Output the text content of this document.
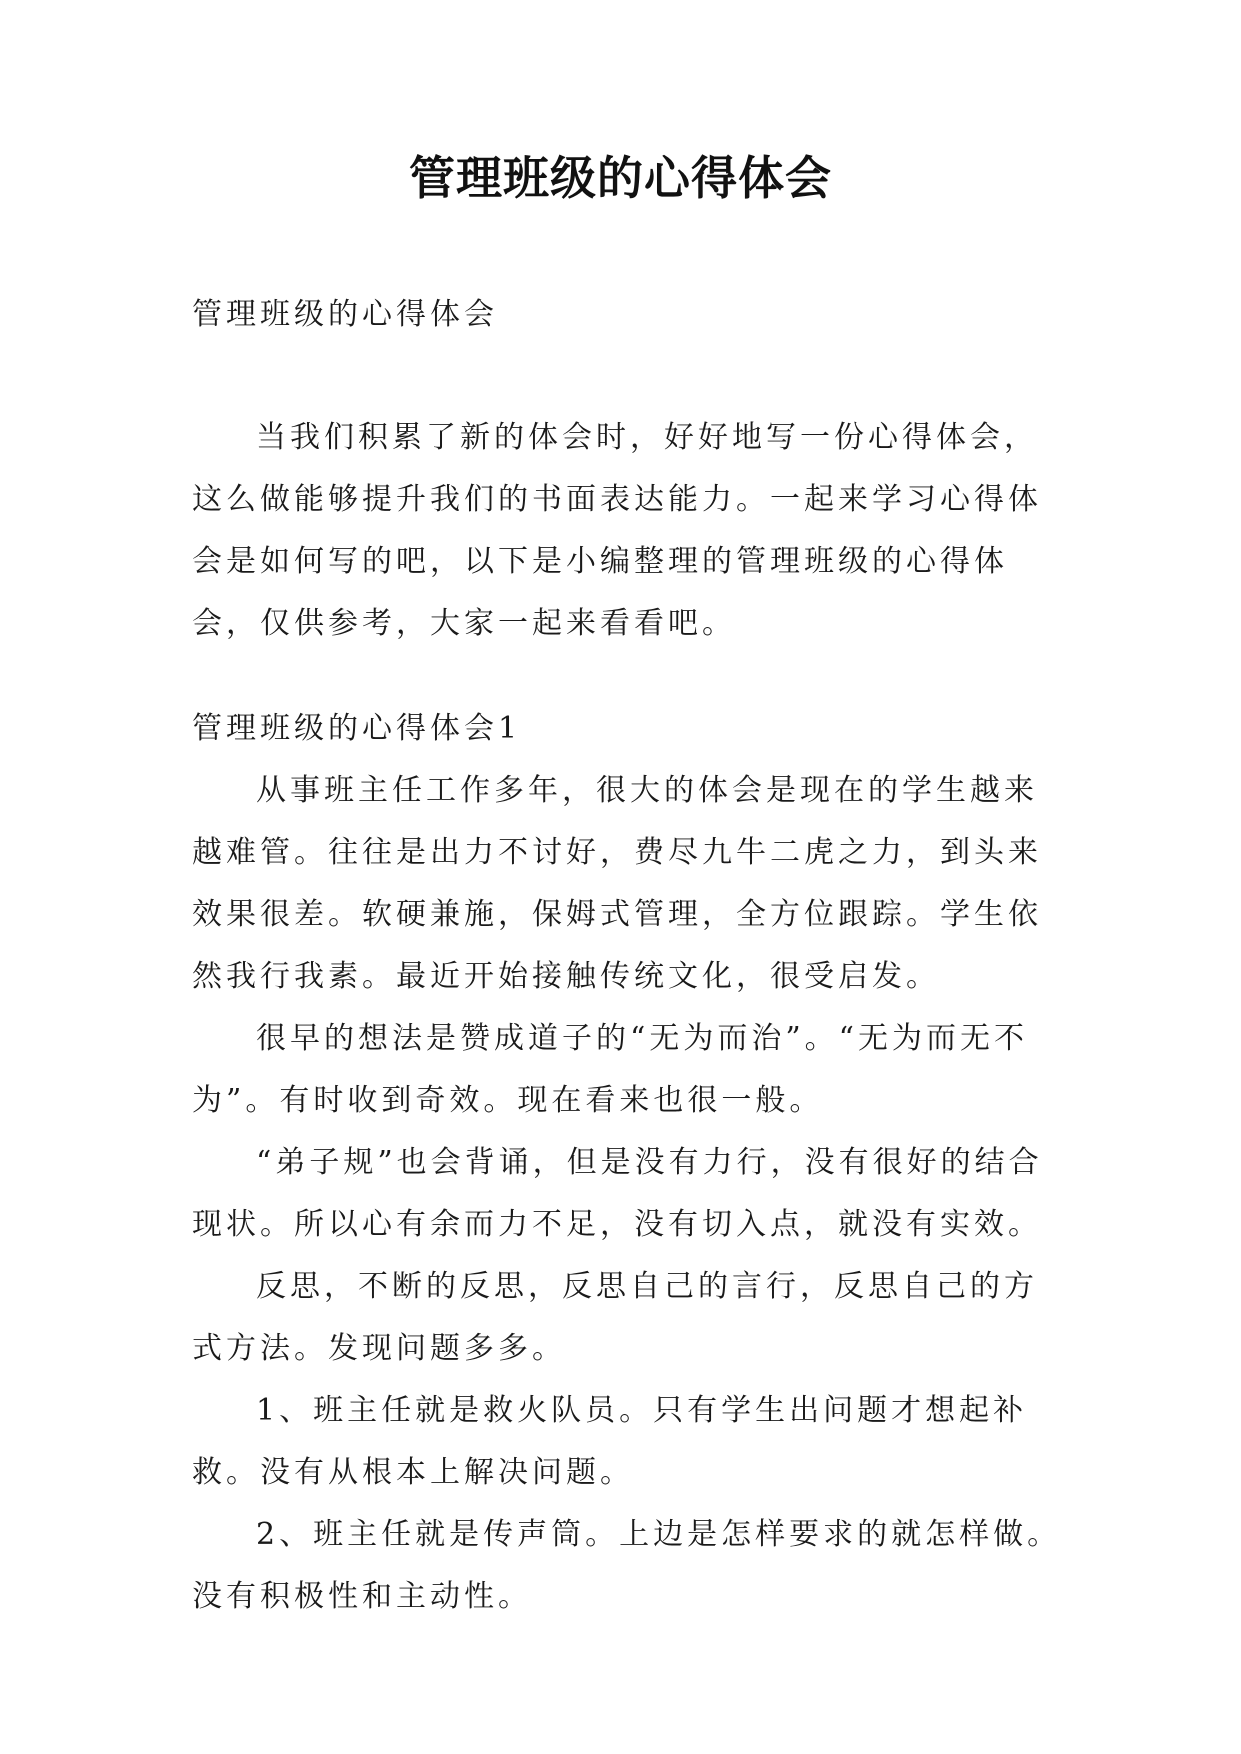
管理班级的心得体会
管理班级的心得体会
当我们积累了新的体会时，好好地写一份心得体会，这么做能够提升我们的书面表达能力。一起来学习心得体会是如何写的吧，以下是小编整理的管理班级的心得体会，仅供参考，大家一起来看看吧。

管理班级的心得体会1

从事班主任工作多年，很大的体会是现在的学生越来越难管。往往是出力不讨好，费尽九牛二虎之力，到头来效果很差。软硬兼施，保姆式管理，全方位跟踪。学生依然我行我素。最近开始接触传统文化，很受启发。

很早的想法是赞成道子的“无为而治”。“无为而无不为”。有时收到奇效。现在看来也很一般。

“弟子规”也会背诵，但是没有力行，没有很好的结合现状。所以心有余而力不足，没有切入点，就没有实效。

反思，不断的反思，反思自己的言行，反思自己的方式方法。发现问题多多。

1、班主任就是救火队员。只有学生出问题才想起补救。没有从根本上解决问题。

2、班主任就是传声筒。上边是怎样要求的就怎样做。没有积极性和主动性。
